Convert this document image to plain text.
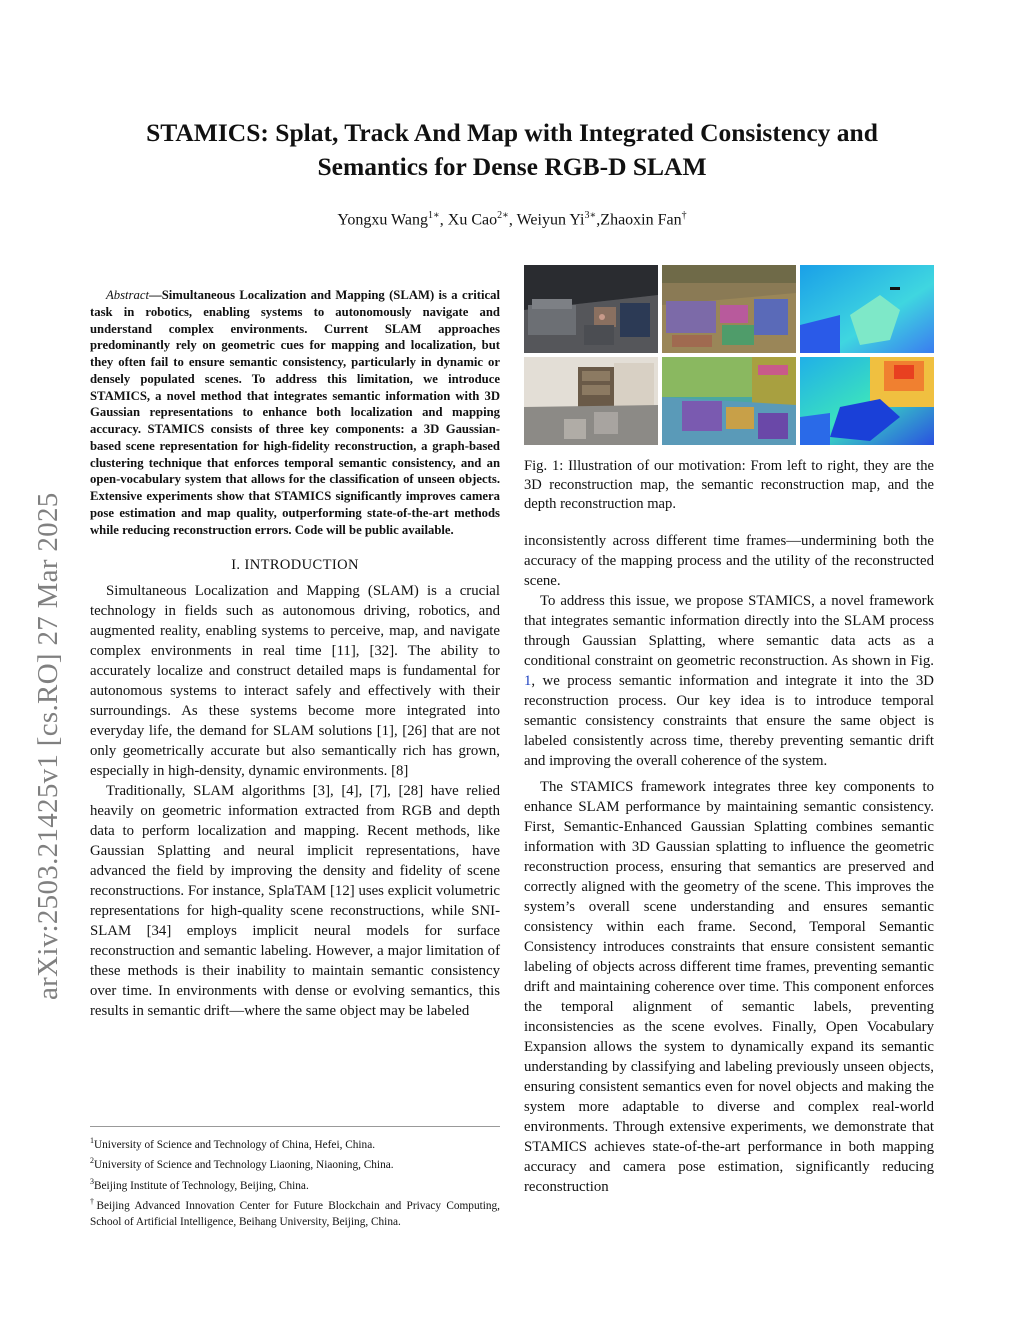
arXiv:2503.21425v1 [cs.RO] 27 Mar 2025
STAMICS: Splat, Track And Map with Integrated Consistency and Semantics for Dense RGB-D SLAM
Yongxu Wang$^{1∗}$, Xu Cao$^{2∗}$, Weiyun $Yi^{3∗},Zhaoxin$ Fan†

Abstract—Simultaneous Localization and Mapping (SLAM) is a critical task in robotics, enabling systems to autonomously navigate and understand complex environments. Current SLAM approaches predominantly rely on geometric cues for mapping and localization, but they often fail to ensure semantic consistency, particularly in dynamic or densely populated scenes. To address this limitation, we introduce STAMICS, a novel method that integrates semantic information with 3D Gaussian representations to enhance both localization and mapping accuracy. STAMICS consists of three key components: a 3D Gaussian-based scene representation for high-fidelity reconstruction, a graph-based clustering technique that enforces temporal semantic consistency, and an open-vocabulary system that allows for the classification of unseen objects. Extensive experiments show that STAMICS significantly improves camera pose estimation and map quality, outperforming state-of-the-art methods while reducing reconstruction errors. Code will be public available.

I. INTRODUCTION

Simultaneous Localization and Mapping (SLAM) is a crucial technology in fields such as autonomous driving, robotics, and augmented reality, enabling systems to perceive, map, and navigate complex environments in real time [11], [32]. The ability to accurately localize and construct detailed maps is fundamental for autonomous systems to interact safely and effectively with their surroundings. As these systems become more integrated into everyday life, the demand for SLAM solutions [1], [26] that are not only geometrically accurate but also semantically rich has grown, especially in high-density, dynamic environments. [8]

Traditionally, SLAM algorithms [3], [4], [7], [28] have relied heavily on geometric information extracted from RGB and depth data to perform localization and mapping. Recent methods, like Gaussian Splatting and neural implicit representations, have advanced the field by improving the density and fidelity of scene reconstructions. For instance, SplaTAM [12] uses explicit volumetric representations for high-quality scene reconstructions, while SNI-SLAM [34] employs implicit neural models for surface reconstruction and semantic labeling. However, a major limitation of these methods is their inability to maintain semantic consistency over time. In environments with dense or evolving semantics, this results in semantic drift—where the same object may be labeled

$^1$University of Science and Technology of China, Hefei, China.

$^2$University of Science and Technology Liaoning, Niaoning, China.

$^3$Beijing Institute of Technology, Beijing, China.

†Beijing Advanced Innovation Center for Future Blockchain and Privacy Computing, School of Artificial Intelligence, Beihang University, Beijing, China.

Fig. 1: Illustration of our motivation: From left to right, they are the 3D reconstruction map, the semantic reconstruction map, and the depth reconstruction map.

inconsistently across different time frames—undermining both the accuracy of the mapping process and the utility of the reconstructed scene.

To address this issue, we propose STAMICS, a novel framework that integrates semantic information directly into the SLAM process through Gaussian Splatting, where semantic data acts as a conditional constraint on geometric reconstruction. As shown in Fig. 1, we process semantic information and integrate it into the 3D reconstruction process. Our key idea is to introduce temporal semantic consistency constraints that ensure the same object is labeled consistently across time, thereby preventing semantic drift and improving the overall coherence of the system.

The STAMICS framework integrates three key components to enhance SLAM performance by maintaining semantic consistency. First, Semantic-Enhanced Gaussian Splatting combines semantic information with 3D Gaussian splatting to influence the geometric reconstruction process, ensuring that semantics are preserved and correctly aligned with the geometry of the scene. This improves the system’s overall scene understanding and ensures semantic consistency within each frame. Second, Temporal Semantic Consistency introduces constraints that ensure consistent semantic labeling of objects across different time frames, preventing semantic drift and maintaining coherence over time. This component enforces the temporal alignment of semantic labels, preventing inconsistencies as the scene evolves. Finally, Open Vocabulary Expansion allows the system to dynamically expand its semantic understanding by classifying and labeling previously unseen objects, ensuring consistent semantics even for novel objects and making the system more adaptable to diverse and complex real-world environments. Through extensive experiments, we demonstrate that STAMICS achieves state-of-the-art performance in both mapping accuracy and camera pose estimation, significantly reducing reconstruction
